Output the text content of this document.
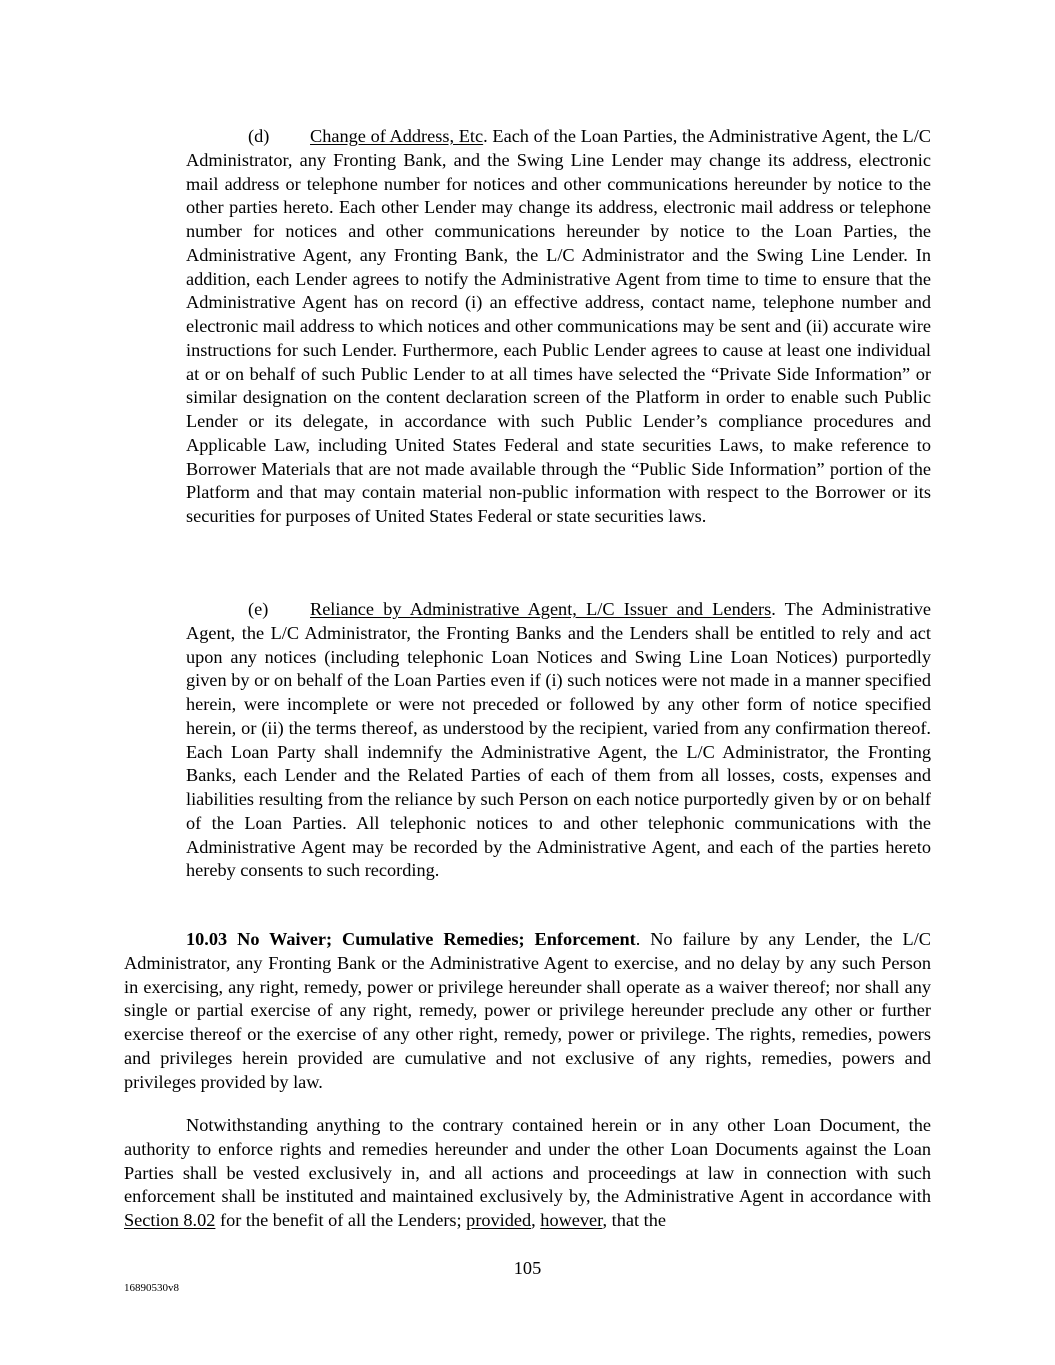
(d) Change of Address, Etc. Each of the Loan Parties, the Administrative Agent, the L/C Administrator, any Fronting Bank, and the Swing Line Lender may change its address, electronic mail address or telephone number for notices and other communications hereunder by notice to the other parties hereto. Each other Lender may change its address, electronic mail address or telephone number for notices and other communications hereunder by notice to the Loan Parties, the Administrative Agent, any Fronting Bank, the L/C Administrator and the Swing Line Lender. In addition, each Lender agrees to notify the Administrative Agent from time to time to ensure that the Administrative Agent has on record (i) an effective address, contact name, telephone number and electronic mail address to which notices and other communications may be sent and (ii) accurate wire instructions for such Lender. Furthermore, each Public Lender agrees to cause at least one individual at or on behalf of such Public Lender to at all times have selected the “Private Side Information” or similar designation on the content declaration screen of the Platform in order to enable such Public Lender or its delegate, in accordance with such Public Lender’s compliance procedures and Applicable Law, including United States Federal and state securities Laws, to make reference to Borrower Materials that are not made available through the “Public Side Information” portion of the Platform and that may contain material non-public information with respect to the Borrower or its securities for purposes of United States Federal or state securities laws.

(e) Reliance by Administrative Agent, L/C Issuer and Lenders. The Administrative Agent, the L/C Administrator, the Fronting Banks and the Lenders shall be entitled to rely and act upon any notices (including telephonic Loan Notices and Swing Line Loan Notices) purportedly given by or on behalf of the Loan Parties even if (i) such notices were not made in a manner specified herein, were incomplete or were not preceded or followed by any other form of notice specified herein, or (ii) the terms thereof, as understood by the recipient, varied from any confirmation thereof. Each Loan Party shall indemnify the Administrative Agent, the L/C Administrator, the Fronting Banks, each Lender and the Related Parties of each of them from all losses, costs, expenses and liabilities resulting from the reliance by such Person on each notice purportedly given by or on behalf of the Loan Parties. All telephonic notices to and other telephonic communications with the Administrative Agent may be recorded by the Administrative Agent, and each of the parties hereto hereby consents to such recording.

10.03 No Waiver; Cumulative Remedies; Enforcement. No failure by any Lender, the L/C Administrator, any Fronting Bank or the Administrative Agent to exercise, and no delay by any such Person in exercising, any right, remedy, power or privilege hereunder shall operate as a waiver thereof; nor shall any single or partial exercise of any right, remedy, power or privilege hereunder preclude any other or further exercise thereof or the exercise of any other right, remedy, power or privilege. The rights, remedies, powers and privileges herein provided are cumulative and not exclusive of any rights, remedies, powers and privileges provided by law.

Notwithstanding anything to the contrary contained herein or in any other Loan Document, the authority to enforce rights and remedies hereunder and under the other Loan Documents against the Loan Parties shall be vested exclusively in, and all actions and proceedings at law in connection with such enforcement shall be instituted and maintained exclusively by, the Administrative Agent in accordance with Section 8.02 for the benefit of all the Lenders; provided, however, that the

105
16890530v8
